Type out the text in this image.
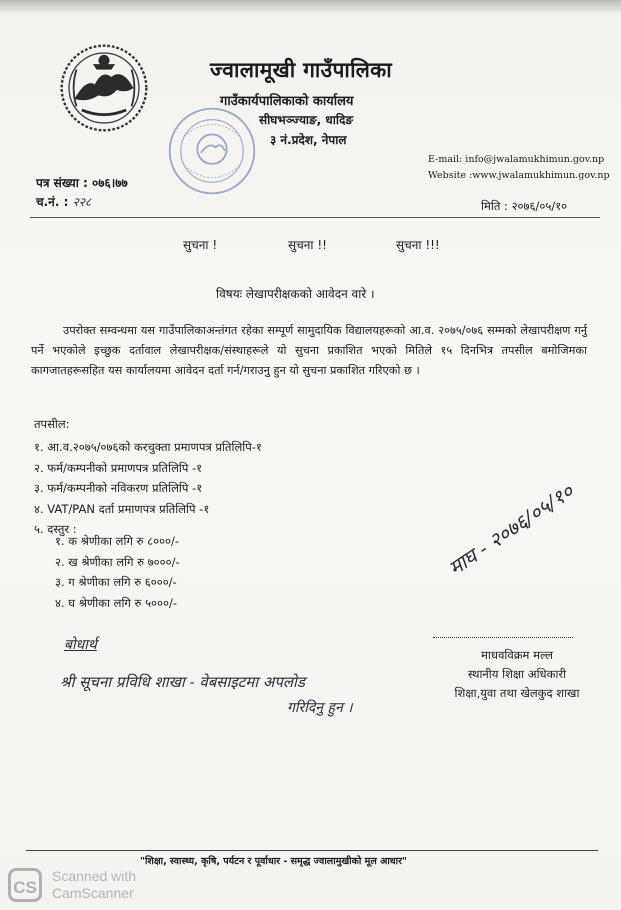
ज्वालामूखी गाउँपालिका
गाउँकार्यपालिकाको कार्यालय
सीघभञ्ज्याङ, धादिङ
३ नं.प्रदेश, नेपाल
E-mail: info@jwalamukhimun.gov.np
Website :www.jwalamukhimun.gov.np
पत्र संख्या : ०७६।७७
च.नं. : २२८	मिति : २०७६/०५/१०
सुचना !	सुचना !!	सुचना !!!
विषयः लेखापरीक्षकको आवेदन वारे ।
उपरोक्त सम्वन्धमा यस गाउँपालिकाअन्तंगत रहेका सम्पूर्ण सामुदायिक विद्यालयहरूको आ.व. २०७५/०७६ सम्मको लेखापरीक्षण गर्नु पर्ने भएकोले इच्छुक दर्तावाल लेखापरीक्षक/संस्थाहरूले यो सुचना प्रकाशित भएको मितिले १५ दिनभित्र तपसील बमोजिमका कागजातहरूसहित यस कार्यालयमा आवेदन दर्ता गर्न/गराउनु हुन यो सुचना प्रकाशित गरिएको छ ।
तपसील:
१. आ.व.२०७५/०७६को करचुक्ता प्रमाणपत्र प्रतिलिपि-१
२. फर्म/कम्पनीको प्रमाणपत्र प्रतिलिपि -१
३. फर्म/कम्पनीको नविकरण प्रतिलिपि -१
४. VAT/PAN दर्ता प्रमाणपत्र प्रतिलिपि -१
५. दस्तुर :
१. क श्रेणीका लगि रु ८०००/-
२. ख श्रेणीका लगि रु ७०००/-
३. ग श्रेणीका लगि रु ६०००/-
४. घ श्रेणीका लगि रु ५०००/-
बोधार्थ
श्री सूचना प्रविधि शाखा - वेबसाइटमा अपलोड
गरिदिनु हुन ।
माघ - २०७६/०५/१०
माधवविक्रम मल्ल
स्थानीय शिक्षा अधिकारी
शिक्षा,युवा तथा खेलकुद शाखा
"शिक्षा, स्वास्थ्य, कृषि, पर्यटन र पूर्वाधार - समृद्ध ज्वालामुखीको मूल आधार"
CS
Scanned with
CamScanner
